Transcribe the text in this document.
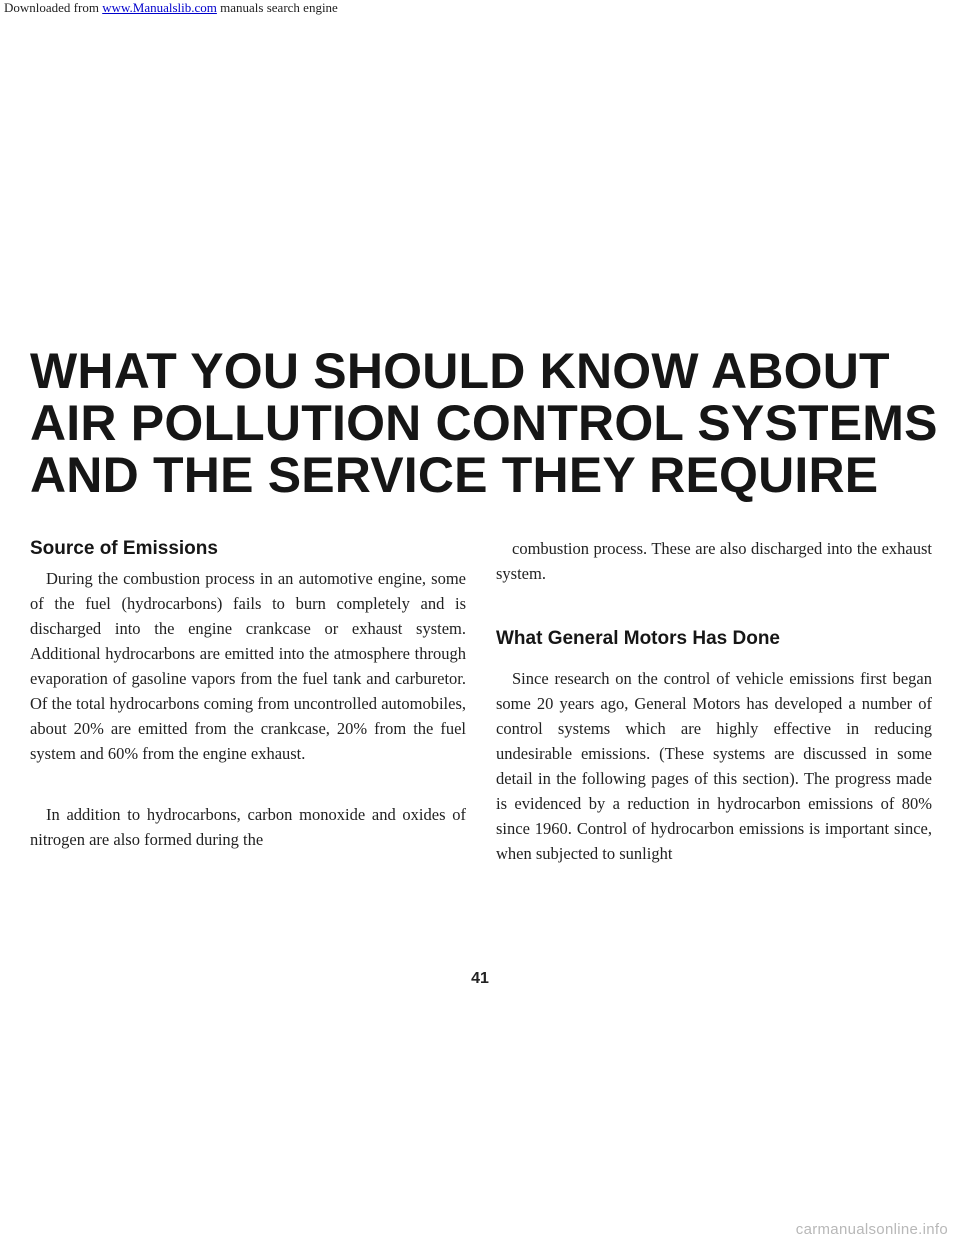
Downloaded from www.Manualslib.com manuals search engine
WHAT YOU SHOULD KNOW ABOUT
AIR POLLUTION CONTROL SYSTEMS
AND THE SERVICE THEY REQUIRE
Source of Emissions

During the combustion process in an automotive engine, some of the fuel (hydrocarbons) fails to burn completely and is discharged into the engine crankcase or exhaust system. Additional hydrocarbons are emitted into the atmosphere through evaporation of gasoline vapors from the fuel tank and carburetor. Of the total hydrocarbons coming from uncontrolled automobiles, about 20% are emitted from the crankcase, 20% from the fuel system and 60% from the engine exhaust.

In addition to hydrocarbons, carbon monoxide and oxides of nitrogen are also formed during the

combustion process. These are also discharged into the exhaust system.

What General Motors Has Done

Since research on the control of vehicle emissions first began some 20 years ago, General Motors has developed a number of control systems which are highly effective in reducing undesirable emissions. (These systems are discussed in some detail in the following pages of this section). The progress made is evidenced by a reduction in hydrocarbon emissions of 80% since 1960. Control of hydrocarbon emissions is important since, when subjected to sunlight

41
carmanualsonline.info
